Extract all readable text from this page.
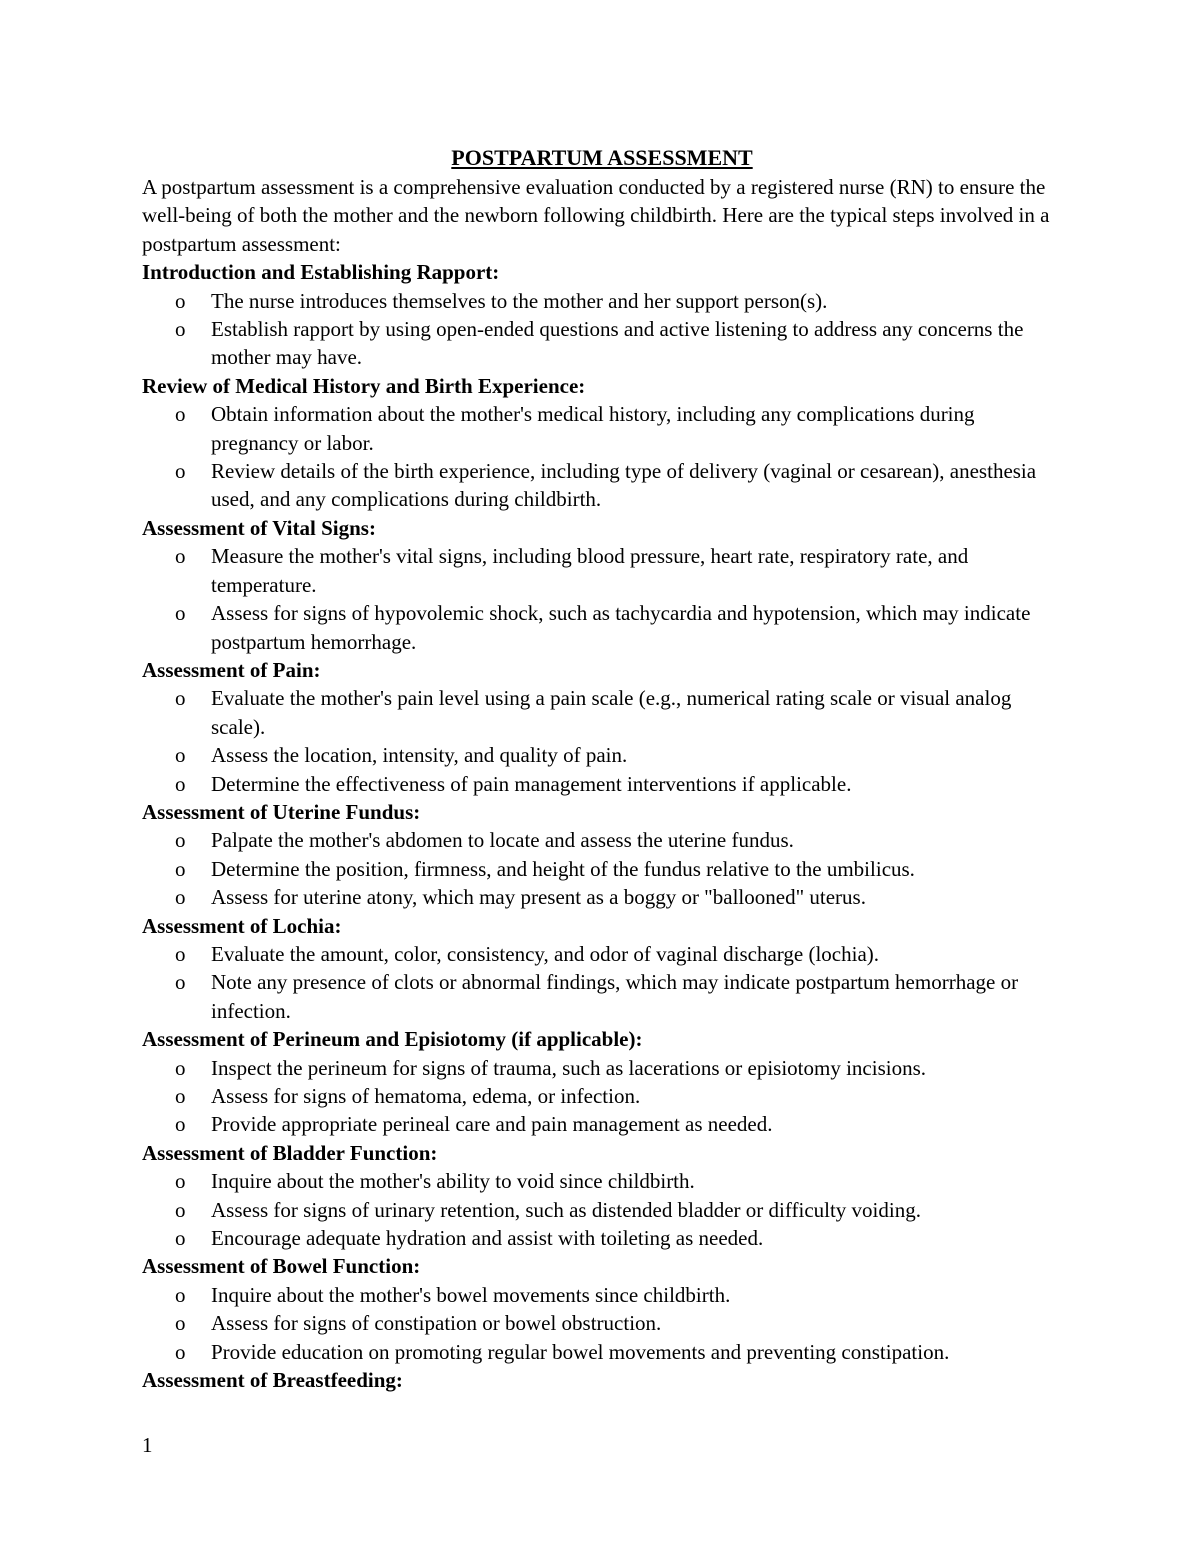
POSTPARTUM ASSESSMENT

A postpartum assessment is a comprehensive evaluation conducted by a registered nurse (RN) to ensure the well-being of both the mother and the newborn following childbirth. Here are the typical steps involved in a postpartum assessment:

Introduction and Establishing Rapport:
o The nurse introduces themselves to the mother and her support person(s).
o Establish rapport by using open-ended questions and active listening to address any concerns the mother may have.
Review of Medical History and Birth Experience:
o Obtain information about the mother's medical history, including any complications during pregnancy or labor.
o Review details of the birth experience, including type of delivery (vaginal or cesarean), anesthesia used, and any complications during childbirth.
Assessment of Vital Signs:
o Measure the mother's vital signs, including blood pressure, heart rate, respiratory rate, and temperature.
o Assess for signs of hypovolemic shock, such as tachycardia and hypotension, which may indicate postpartum hemorrhage.
Assessment of Pain:
o Evaluate the mother's pain level using a pain scale (e.g., numerical rating scale or visual analog scale).
o Assess the location, intensity, and quality of pain.
o Determine the effectiveness of pain management interventions if applicable.
Assessment of Uterine Fundus:
o Palpate the mother's abdomen to locate and assess the uterine fundus.
o Determine the position, firmness, and height of the fundus relative to the umbilicus.
o Assess for uterine atony, which may present as a boggy or "ballooned" uterus.
Assessment of Lochia:
o Evaluate the amount, color, consistency, and odor of vaginal discharge (lochia).
o Note any presence of clots or abnormal findings, which may indicate postpartum hemorrhage or infection.
Assessment of Perineum and Episiotomy (if applicable):
o Inspect the perineum for signs of trauma, such as lacerations or episiotomy incisions.
o Assess for signs of hematoma, edema, or infection.
o Provide appropriate perineal care and pain management as needed.
Assessment of Bladder Function:
o Inquire about the mother's ability to void since childbirth.
o Assess for signs of urinary retention, such as distended bladder or difficulty voiding.
o Encourage adequate hydration and assist with toileting as needed.
Assessment of Bowel Function:
o Inquire about the mother's bowel movements since childbirth.
o Assess for signs of constipation or bowel obstruction.
o Provide education on promoting regular bowel movements and preventing constipation.
Assessment of Breastfeeding:
1
